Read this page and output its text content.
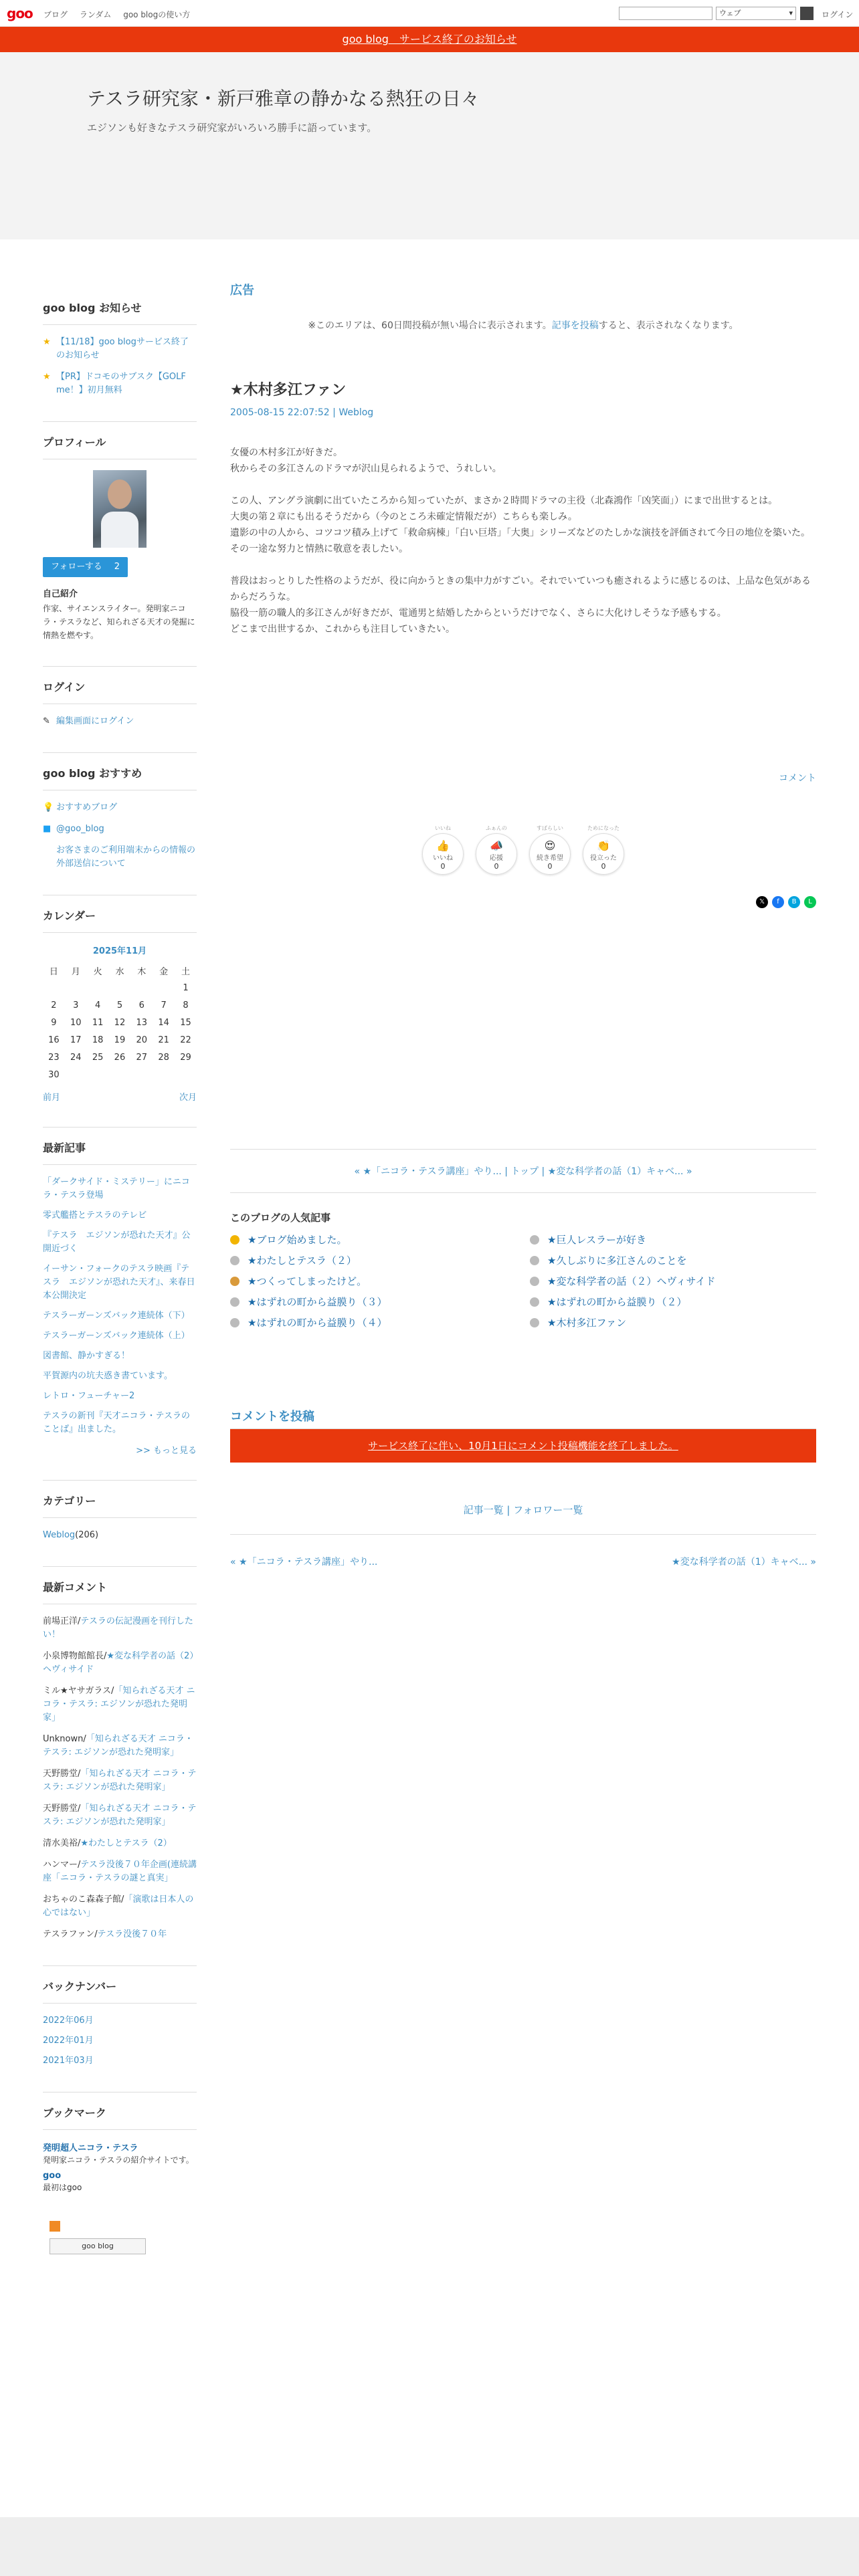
goo ブログ ランダム goo blogの使い方	ウェブ ▾	ログイン
goo blog　サービス終了のお知らせ
テスラ研究家・新戸雅章の静かなる熱狂の日々
エジソンも好きなテスラ研究家がいろいろ勝手に語っています。
goo blog お知らせ
★ 【11/18】goo blogサービス終了のお知らせ
★ 【PR】ドコモのサブスク【GOLF me！】初月無料
プロフィール
フォローする 2
自己紹介
作家、サイエンスライター。発明家ニコラ・テスラなど、知られざる天才の発掘に情熱を燃やす。
ログイン
✎ 編集画面にログイン
goo blog おすすめ
💡 おすすめブログ
■ @goo_blog
お客さまのご利用端末からの情報の外部送信について
カレンダー
2025年11月
日	月	火	水	木	金	土
						1
2	3	4	5	6	7	8
9	10	11	12	13	14	15
16	17	18	19	20	21	22
23	24	25	26	27	28	29
30						
前月	次月
最新記事
「ダークサイド・ミステリー」にニコラ・テスラ登場
零式艦搭とテスラのテレビ
『テスラ　エジソンが恐れた天才』公開近づく
イーサン・フォークのテスラ映画『テスラ　エジソンが恐れた天才』、来春日本公開決定
テスラーガーンズバック連続体（下）
テスラーガーンズバック連続体（上）
図書館、静かすぎる！
平賀源内の坑夫惑き書ています。
レトロ・フューチャー2
テスラの新刊『天才ニコラ・テスラのことば』出ました。
>> もっと見る
カテゴリー
Weblog (206)
最新コメント
前場正洋/テスラの伝記漫画を刊行したい！
小泉博物館館長/★変な科学者の話（2）ヘヴィサイド
ミル★ヤサガラス/「知られざる天才 ニコラ・テスラ: エジソンが恐れた発明家」
Unknown/「知られざる天才 ニコラ・テスラ: エジソンが恐れた発明家」
天野勝堂/「知られざる天才 ニコラ・テスラ: エジソンが恐れた発明家」
天野勝堂/「知られざる天才 ニコラ・テスラ: エジソンが恐れた発明家」
清水美裕/★わたしとテスラ（2）
ハンマー/テスラ没後７０年企画(連続講座「ニコラ・テスラの謎と真実」
おちゃのこ森森子館/「演歌は日本人の心ではない」
テスラファン/テスラ没後７０年
バックナンバー
2022年06月
2022年01月
2021年03月
ブックマーク
発明超人ニコラ・テスラ
発明家ニコラ・テスラの紹介サイトです。
goo
最初はgoo
goo blog
広告
※このエリアは、60日間投稿が無い場合に表示されます。記事を投稿すると、表示されなくなります。
★木村多江ファン
2005-08-15 22:07:52 | Weblog

女優の木村多江が好きだ。
秋からその多江さんのドラマが沢山見られるようで、うれしい。

この人、アングラ演劇に出ていたころから知っていたが、まさか２時間ドラマの主役（北森鴻作「凶笑面」）にまで出世するとは。
大奥の第２章にも出るそうだから（今のところ未確定情報だが）こちらも楽しみ。
遺影の中の人から、コツコツ積み上げて「救命病棟」「白い巨塔」「大奥」シリーズなどのたしかな演技を評価されて今日の地位を築いた。その一途な努力と情熱に敬意を表したい。

普段はおっとりした性格のようだが、役に向かうときの集中力がすごい。それでいていつも癒されるように感じるのは、上品な色気があるからだろうな。
脇役一筋の職人的多江さんが好きだが、電通男と結婚したからというだけでなく、さらに大化けしそうな予感もする。
どこまで出世するか、これからも注目していきたい。

コメント
いいね
👍
いいね
0
ふぁんの
📣
応援
0
すばらしい
😍
続き希望
0
ためになった
👏
役立った
0
𝕏	f	B	L
« ★「ニコラ・テスラ講座」やり... | トップ | ★変な科学者の話（1）キャベ... »
このブログの人気記事
★ブログ始めました。	★巨人レスラーが好き
★わたしとテスラ（２）	★久しぶりに多江さんのことを
★つくってしまったけど。	★変な科学者の話（２）ヘヴィサイド
★はずれの町から益膜り（３）	★はずれの町から益膜り（２）
★はずれの町から益膜り（４）	★木村多江ファン
コメントを投稿
サービス終了に伴い、10月1日にコメント投稿機能を終了しました。
記事一覧 | フォロワー一覧
« ★「ニコラ・テスラ講座」やり...	★変な科学者の話（1）キャベ... »
